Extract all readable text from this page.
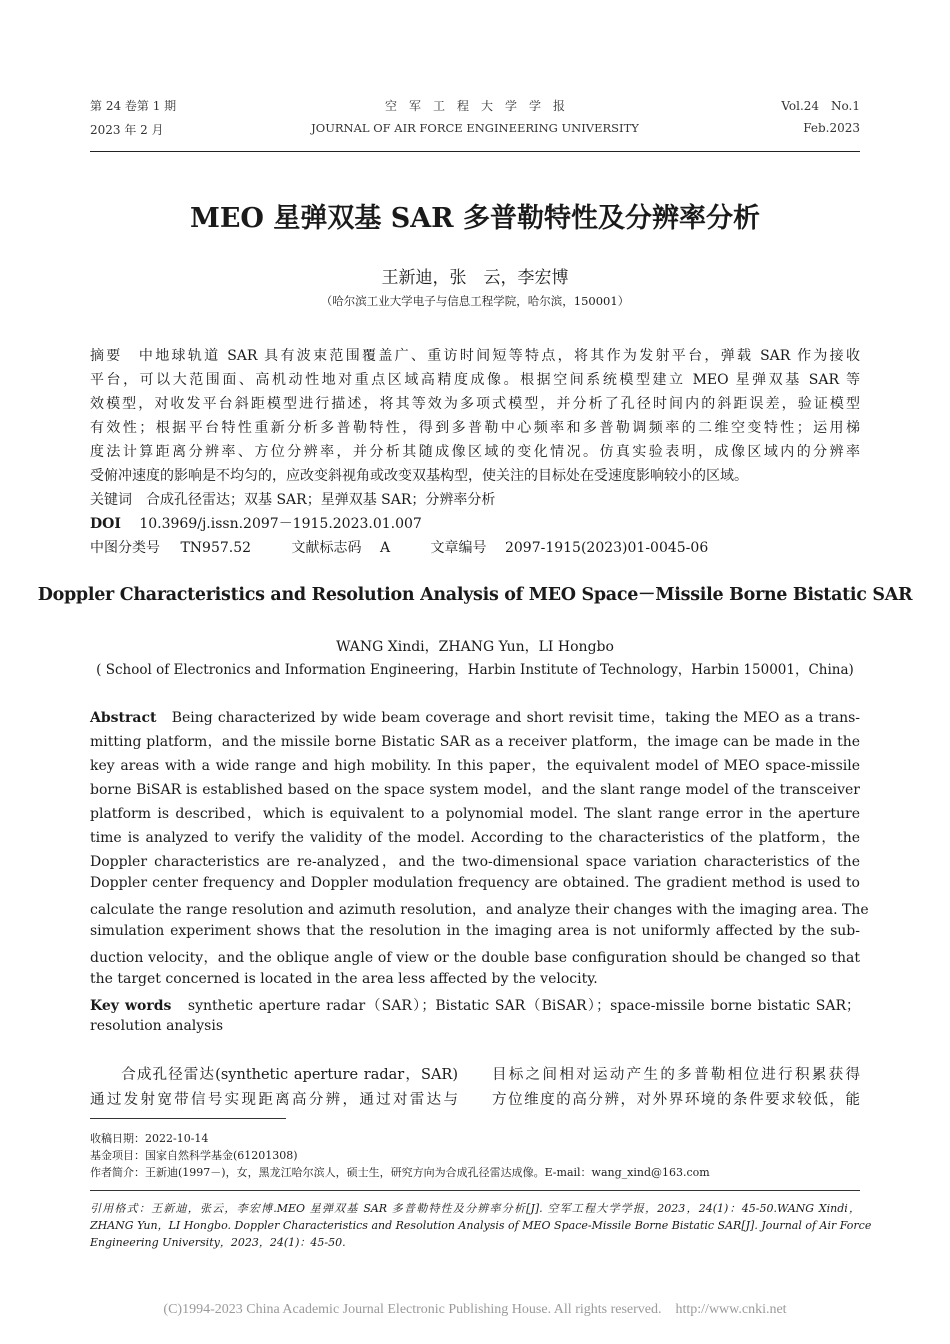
第 24 卷第 1 期
2023 年 2 月
空　军　工　程　大　学　学　报
JOURNAL OF AIR FORCE ENGINEERING UNIVERSITY
Vol.24　No.1
Feb.2023
MEO 星弹双基 SAR 多普勒特性及分辨率分析
王新迪，张　云，李宏博
（哈尔滨工业大学电子与信息工程学院，哈尔滨，150001）
摘要　中地球轨道 SAR 具有波束范围覆盖广、重访时间短等特点，将其作为发射平台，弹载 SAR 作为接收
平台，可以大范围面、高机动性地对重点区域高精度成像。根据空间系统模型建立 MEO 星弹双基 SAR 等
效模型，对收发平台斜距模型进行描述，将其等效为多项式模型，并分析了孔径时间内的斜距误差，验证模型
有效性；根据平台特性重新分析多普勒特性，得到多普勒中心频率和多普勒调频率的二维空变特性；运用梯
度法计算距离分辨率、方位分辨率，并分析其随成像区域的变化情况。仿真实验表明，成像区域内的分辨率
受俯冲速度的影响是不均匀的，应改变斜视角或改变双基构型，使关注的目标处在受速度影响较小的区域。
关键词　合成孔径雷达；双基 SAR；星弹双基 SAR；分辨率分析
DOI 10.3969/j.issn.2097－1915.2023.01.007
中图分类号 TN957.52	文献标志码 A	文章编号 2097-1915(2023)01-0045-06
Doppler Characteristics and Resolution Analysis of MEO Space－Missile Borne Bistatic SAR
WANG Xindi，ZHANG Yun，LI Hongbo
( School of Electronics and Information Engineering，Harbin Institute of Technology，Harbin 150001，China)
Abstract　 Being characterized by wide beam coverage and short revisit time，taking the MEO as a trans-
mitting platform，and the missile borne Bistatic SAR as a receiver platform，the image can be made in the
key areas with a wide range and high mobility. In this paper，the equivalent model of MEO space-missile
borne BiSAR is established based on the space system model，and the slant range model of the transceiver
platform is described，which is equivalent to a polynomial model. The slant range error in the aperture
time is analyzed to verify the validity of the model. According to the characteristics of the platform，the
Doppler characteristics are re-analyzed，and the two-dimensional space variation characteristics of the
Doppler center frequency and Doppler modulation frequency are obtained. The gradient method is used to
calculate the range resolution and azimuth resolution，and analyze their changes with the imaging area. The
simulation experiment shows that the resolution in the imaging area is not uniformly affected by the sub-
duction velocity，and the oblique angle of view or the double base configuration should be changed so that
the target concerned is located in the area less affected by the velocity.
Key words　 synthetic aperture radar（SAR）；Bistatic SAR（BiSAR）；space-missile borne bistatic SAR；
resolution analysis
　　合成孔径雷达(synthetic aperture radar，SAR)
通过发射宽带信号实现距离高分辨，通过对雷达与
目标之间相对运动产生的多普勒相位进行积累获得
方位维度的高分辨，对外界环境的条件要求较低，能
收稿日期：2022-10-14
基金项目：国家自然科学基金(61201308)
作者简介：王新迪(1997－)，女，黑龙江哈尔滨人，硕士生，研究方向为合成孔径雷达成像。E-mail：wang_xind@163.com
引用格式：王新迪，张云，李宏博.MEO 星弹双基 SAR 多普勒特性及分辨率分析[J]. 空军工程大学学报，2023，24(1)：45-50.WANG Xindi，
ZHANG Yun，LI Hongbo. Doppler Characteristics and Resolution Analysis of MEO Space-Missile Borne Bistatic SAR[J]. Journal of Air Force
Engineering University，2023，24(1)：45-50.
(C)1994-2023 China Academic Journal Electronic Publishing House. All rights reserved.　http://www.cnki.net
